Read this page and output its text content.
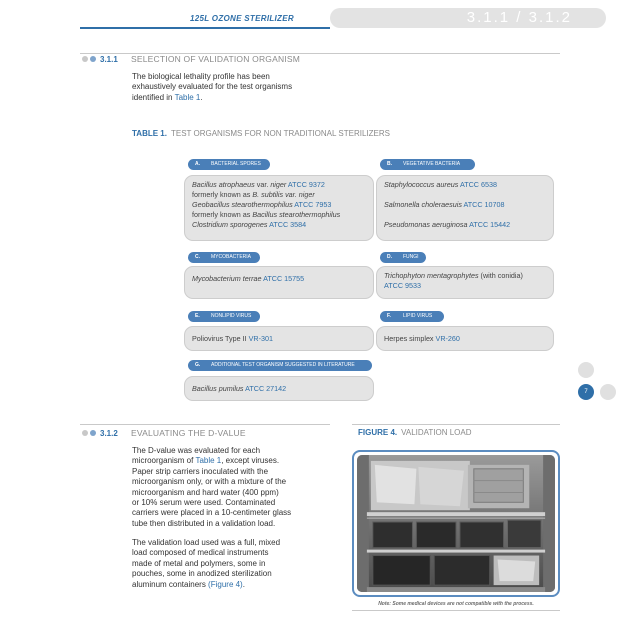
125L OZONE STERILIZER	3.1.1 / 3.1.2
3.1.1 SELECTION OF VALIDATION ORGANISM
The biological lethality profile has been
exhaustively evaluated for the test organisms
identified in Table 1.
TABLE 1. TEST ORGANISMS FOR NON TRADITIONAL STERILIZERS
A. BACTERIAL SPORES
Bacillus atrophaeus var. niger ATCC 9372
formerly known as B. subtilis var. niger
Geobacillus stearothermophilus ATCC 7953
formerly known as Bacillus stearothermophilus
Clostridium sporogenes ATCC 3584
B. VEGETATIVE BACTERIA
Staphylococcus aureus ATCC 6538
Salmonella choleraesuis ATCC 10708
Pseudomonas aeruginosa ATCC 15442
C. MYCOBACTERIA
Mycobacterium terrae ATCC 15755
D. FUNGI
Trichophyton mentagrophytes (with conidia)
ATCC 9533
E. NONLIPID VIRUS
Poliovirus Type II VR-301
F. LIPID VIRUS
Herpes simplex VR-260
G. ADDITIONAL TEST ORGANISM SUGGESTED IN LITERATURE
Bacillus pumilus ATCC 27142	7
3.1.2 EVALUATING THE D-VALUE
The D-value was evaluated for each
microorganism of Table 1, except viruses.
Paper strip carriers inoculated with the
microorganism only, or with a mixture of the
microorganism and hard water (400 ppm)
or 10% serum were used. Contaminated
carriers were placed in a 10-centimeter glass
tube then distributed in a validation load.
The validation load used was a full, mixed
load composed of medical instruments
made of metal and polymers, some in
pouches, some in anodized sterilization
aluminum containers (Figure 4).
FIGURE 4. VALIDATION LOAD
Note: Some medical devices are not compatible with the process.
